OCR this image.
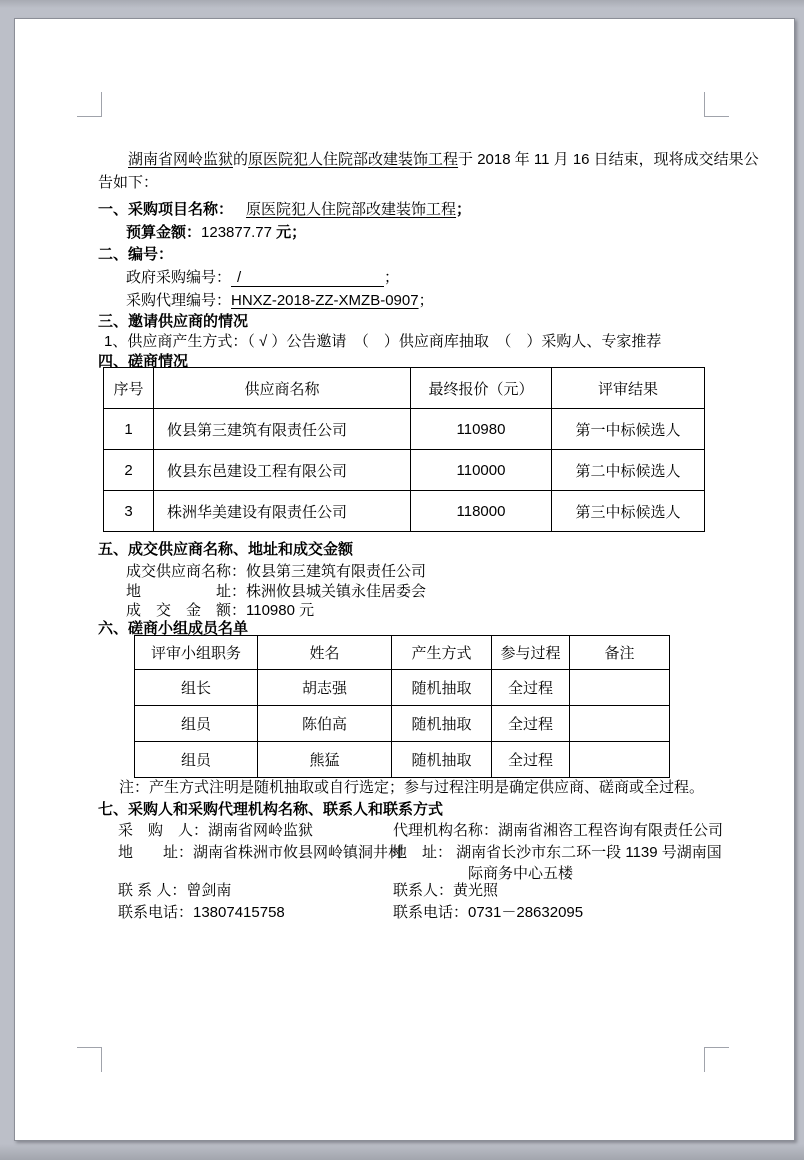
湖南省网岭监狱的原医院犯人住院部改建装饰工程于 2018 年 11 月 16 日结束，现将成交结果公
告如下：
一、采购项目名称： 原医院犯人住院部改建装饰工程；
预算金额：123877.77 元；
二、编号：
政府采购编号： /	；
采购代理编号：HNXZ-2018-ZZ-XMZB-0907；
三、邀请供应商的情况
1、供应商产生方式：（ √ ）公告邀请　（　）供应商库抽取　（　）采购人、专家推荐
四、磋商情况
序号	供应商名称	最终报价（元）	评审结果
1	攸县第三建筑有限责任公司	110980	第一中标候选人
2	攸县东邑建设工程有限公司	110000	第二中标候选人
3	株洲华美建设有限责任公司	118000	第三中标候选人
五、成交供应商名称、地址和成交金额
成交供应商名称：攸县第三建筑有限责任公司
地　　　　　址：株洲攸县城关镇永佳居委会
成　交　金　额：110980 元
六、磋商小组成员名单
评审小组职务	姓名	产生方式	参与过程	备注
组长	胡志强	随机抽取	全过程	
组员	陈伯高	随机抽取	全过程	
组员	熊猛	随机抽取	全过程	
注：产生方式注明是随机抽取或自行选定；参与过程注明是确定供应商、磋商或全过程。
七、采购人和采购代理机构名称、联系人和联系方式
采　购　人：湖南省网岭监狱	代理机构名称：湖南省湘咨工程咨询有限责任公司
地　　址：湖南省株洲市攸县网岭镇洞井村
地　址： 湖南省长沙市东二环一段 1139 号湖南国
际商务中心五楼
联 系 人：曾剑南	联系人：黄光照
联系电话：13807415758	联系电话：0731－28632095
